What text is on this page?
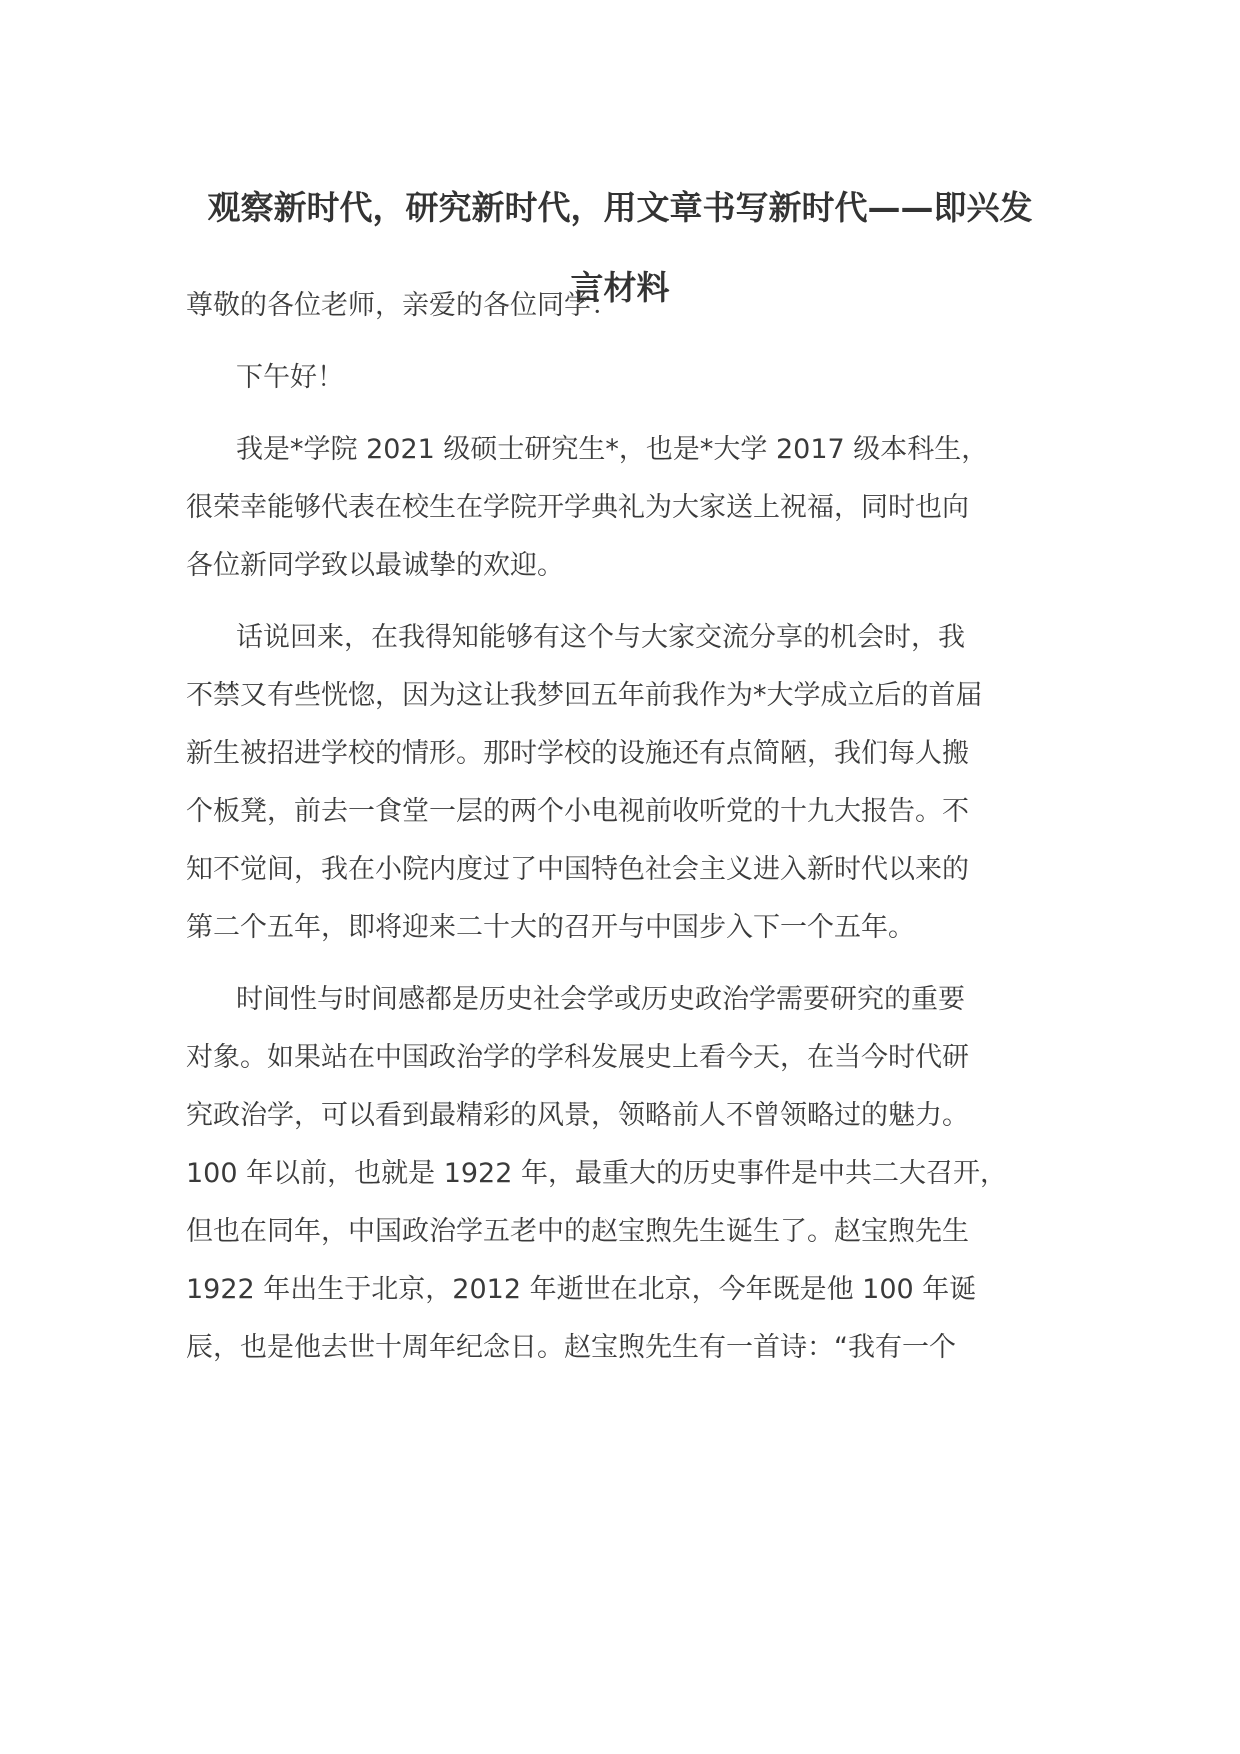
观察新时代，研究新时代，用文章书写新时代——即兴发
言材料

尊敬的各位老师，亲爱的各位同学：

下午好！

我是*学院 2021 级硕士研究生*，也是*大学 2017 级本科生，

很荣幸能够代表在校生在学院开学典礼为大家送上祝福，同时也向

各位新同学致以最诚挚的欢迎。

话说回来，在我得知能够有这个与大家交流分享的机会时，我

不禁又有些恍惚，因为这让我梦回五年前我作为*大学成立后的首届

新生被招进学校的情形。那时学校的设施还有点简陋，我们每人搬

个板凳，前去一食堂一层的两个小电视前收听党的十九大报告。不

知不觉间，我在小院内度过了中国特色社会主义进入新时代以来的

第二个五年，即将迎来二十大的召开与中国步入下一个五年。

时间性与时间感都是历史社会学或历史政治学需要研究的重要

对象。如果站在中国政治学的学科发展史上看今天，在当今时代研

究政治学，可以看到最精彩的风景，领略前人不曾领略过的魅力。

100 年以前，也就是 1922 年，最重大的历史事件是中共二大召开，

但也在同年，中国政治学五老中的赵宝煦先生诞生了。赵宝煦先生

1922 年出生于北京，2012 年逝世在北京，今年既是他 100 年诞

辰，也是他去世十周年纪念日。赵宝煦先生有一首诗：“我有一个
